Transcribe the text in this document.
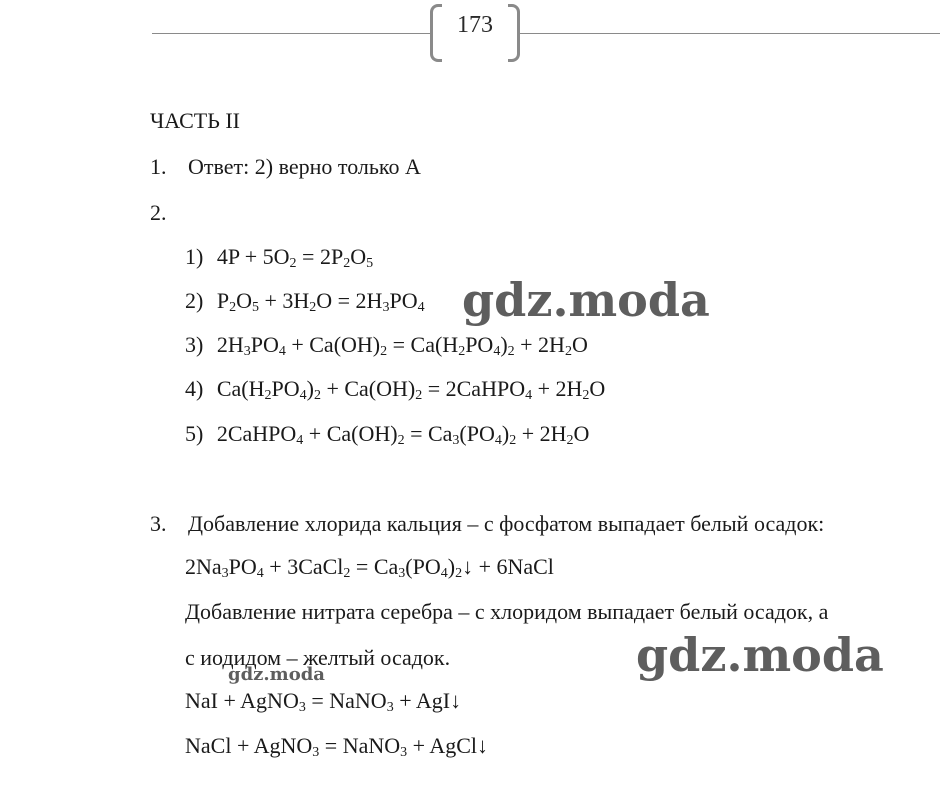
173
ЧАСТЬ II
1. Ответ: 2) верно только А
2.
1) $4P + 5O_2 = 2P_2O_5$
2) $P_2O_5 + 3H_2O = 2H_3PO_4$
3) $2H_3PO_4 + Ca(OH)_2 = Ca(H_2PO_4)_2 + 2H_2O$
4) $Ca(H_2PO_4)_2 + Ca(OH)_2$ = 2CaHPO$_4$ + $2H_2O$
5) 2CaHPO$_4$ + $Ca(OH)_2 = Ca_3(PO_4)_2 + 2H_2O$
3. Добавление хлорида кальция – с фосфатом выпадает белый осадок:
$2Na_3PO_4$ + 3CaCl$_2$ = $Ca_3(PO_4)_2↓$ + 6NaCl
Добавление нитрата серебра – с хлоридом выпадает белый осадок, а
с иодидом – желтый осадок.
NaI + AgNO$_3$ = NaNO$_3$ + AgI↓
NaCl + AgNO$_3$ = NaNO$_3$ + AgCl↓
gdz.moda
gdz.moda
gdz.moda
